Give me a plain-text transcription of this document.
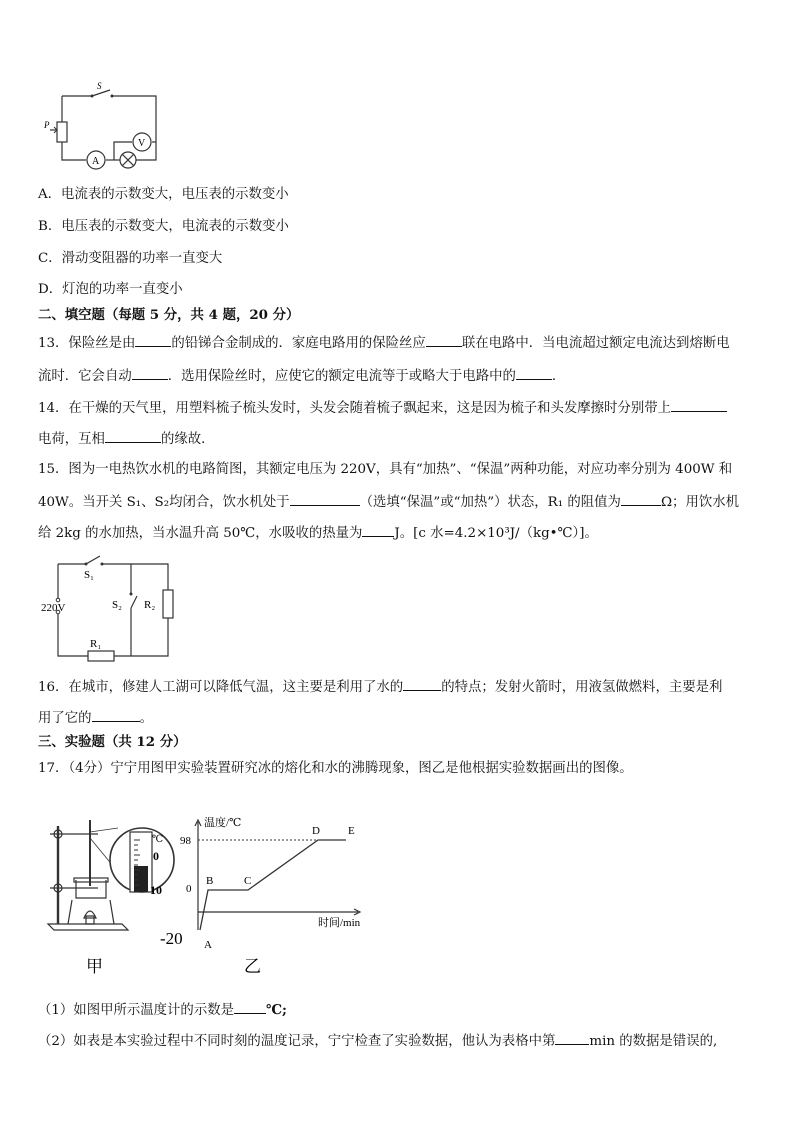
P
S
A
V
A．电流表的示数变大，电压表的示数变小
B．电压表的示数变大，电流表的示数变小
C．滑动变阻器的功率一直变大
D．灯泡的功率一直变小
二、填空题（每题 5 分，共 4 题，20 分）
13．保险丝是由	的铅锑合金制成的．家庭电路用的保险丝应	联在电路中．当电流超过额定电流达到熔断电
流时．它会自动	．选用保险丝时，应使它的额定电流等于或略大于电路中的	．
14．在干燥的天气里，用塑料梳子梳头发时，头发会随着梳子飘起来，这是因为梳子和头发摩擦时分别带上
电荷，互相	的缘故．
15．图为一电热饮水机的电路简图，其额定电压为 220V，具有“加热”、“保温”两种功能，对应功率分别为 400W 和
40W。当开关 S₁、S₂均闭合，饮水机处于	（选填“保温”或“加热”）状态，R₁ 的阻值为	Ω；用饮水机
给 2kg 的水加热，当水温升高 50℃，水吸收的热量为 J。[c 水=4.2×10³J/（kg•℃）]。
S₁
S₂ R₂
R₁
220V
16．在城市，修建人工湖可以降低气温，这主要是利用了水的	的特点；发射火箭时，用液氢做燃料，主要是利
用了它的	。
三、实验题（共 12 分）
17．（4分）宁宁用图甲实验装置研究冰的熔化和水的沸腾现象，图乙是他根据实验数据画出的图像。
℃
0
10
甲
A
B	C
D	E
温度/℃
时间/min
98
0
-20
乙
（1）如图甲所示温度计的示数是 ℃;
（2）如表是本实验过程中不同时刻的温度记录，宁宁检查了实验数据，他认为表格中第	min 的数据是错误的,
